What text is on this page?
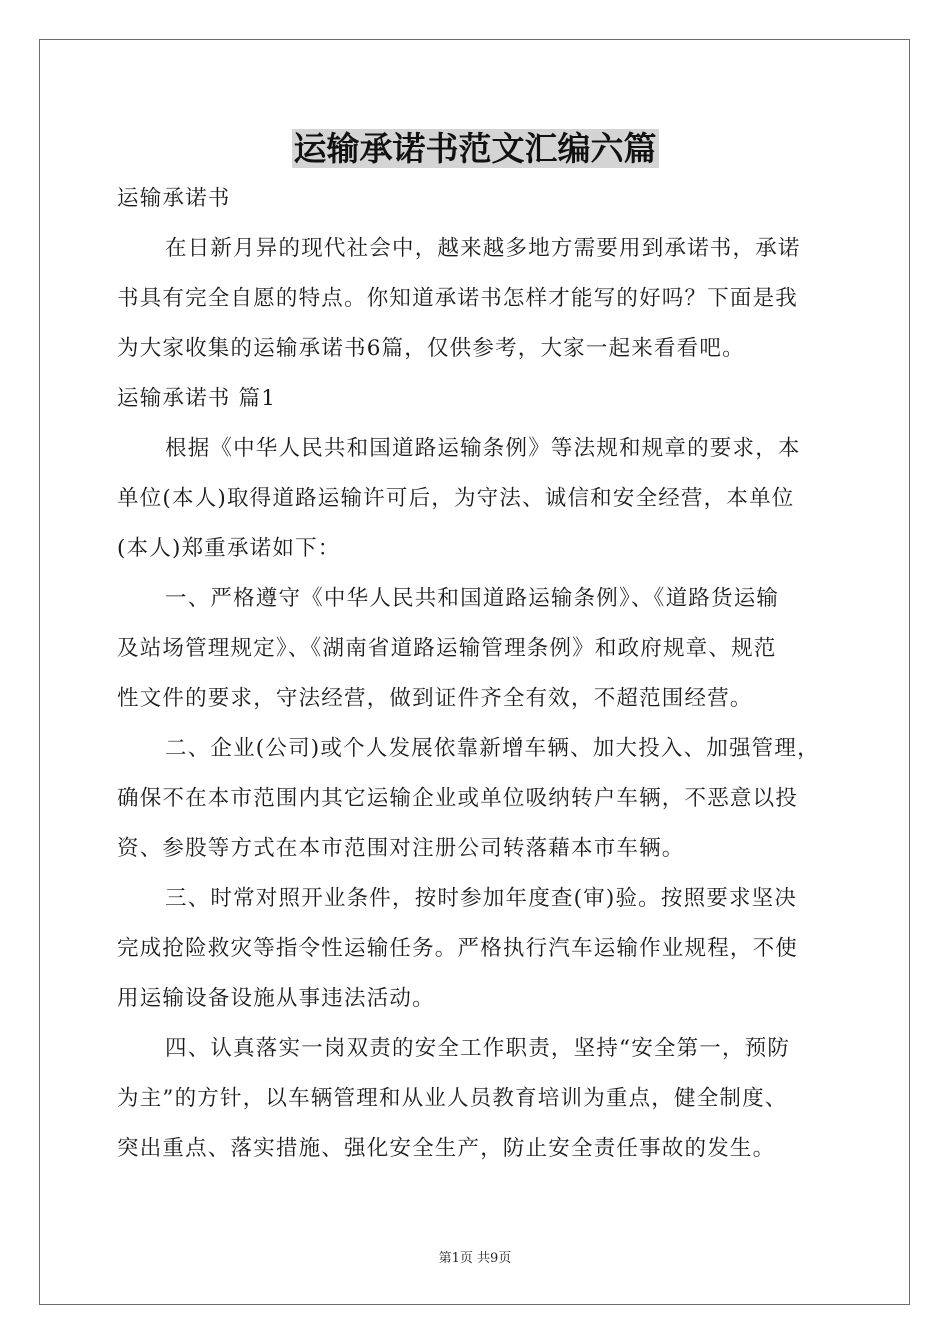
运输承诺书范文汇编六篇
运输承诺书
在日新月异的现代社会中，越来越多地方需要用到承诺书，承诺
书具有完全自愿的特点。你知道承诺书怎样才能写的好吗？下面是我
为大家收集的运输承诺书6篇，仅供参考，大家一起来看看吧。
运输承诺书 篇1
根据《中华人民共和国道路运输条例》等法规和规章的要求，本
单位(本人)取得道路运输许可后，为守法、诚信和安全经营，本单位
(本人)郑重承诺如下：
一、严格遵守《中华人民共和国道路运输条例》、《道路货运输
及站场管理规定》、《湖南省道路运输管理条例》和政府规章、规范
性文件的要求，守法经营，做到证件齐全有效，不超范围经营。
二、企业(公司)或个人发展依靠新增车辆、加大投入、加强管理，
确保不在本市范围内其它运输企业或单位吸纳转户车辆，不恶意以投
资、参股等方式在本市范围对注册公司转落藉本市车辆。
三、时常对照开业条件，按时参加年度查(审)验。按照要求坚决
完成抢险救灾等指令性运输任务。严格执行汽车运输作业规程，不使
用运输设备设施从事违法活动。
四、认真落实一岗双责的安全工作职责，坚持“安全第一，预防
为主”的方针，以车辆管理和从业人员教育培训为重点，健全制度、
突出重点、落实措施、强化安全生产，防止安全责任事故的发生。
第1页 共9页
